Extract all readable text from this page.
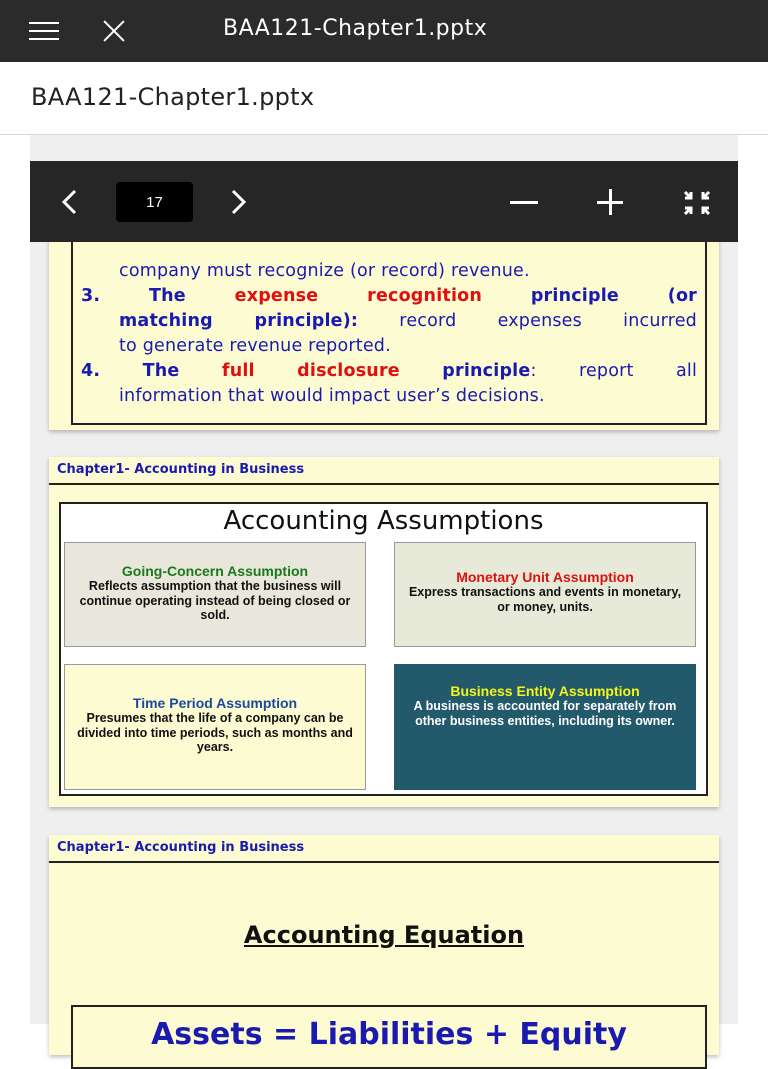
BAA121-Chapter1.pptx
BAA121-Chapter1.pptx

company must recognize (or record) revenue.

3.	The	expense	recognition	principle	(or

matching principle): record expenses incurred

to generate revenue reported.

4. The full disclosure principle: report all

information that would impact user’s decisions.

Chapter1- Accounting in Business
Accounting Assumptions
Going-Concern Assumption
Reflects assumption that the business will continue operating instead of being closed or sold.
Monetary Unit Assumption
Express transactions and events in monetary, or money, units.
Time Period Assumption
Presumes that the life of a company can be divided into time periods, such as months and years.
Business Entity Assumption
A business is accounted for separately from other business entities, including its owner.
Chapter1- Accounting in Business
Accounting Equation
Assets = Liabilities + Equity
17
